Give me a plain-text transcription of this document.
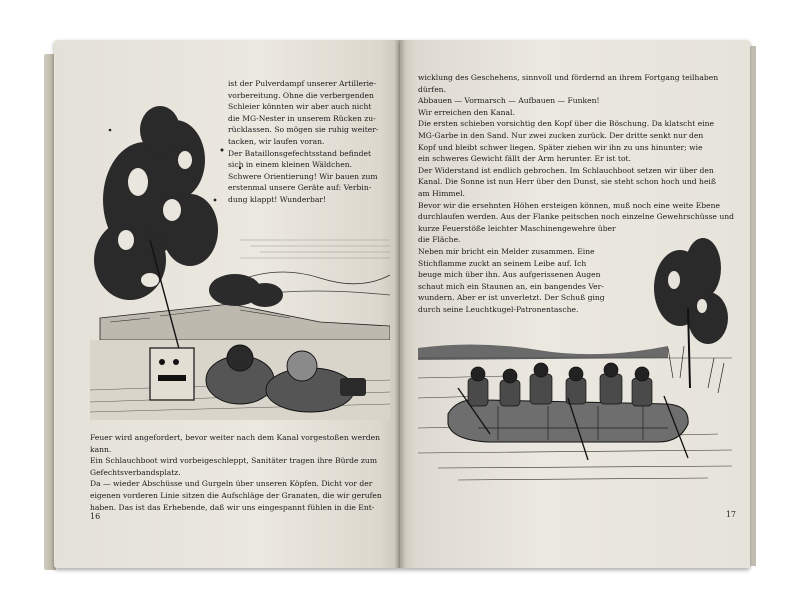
ist der Pulverdampf unserer Artillerie-
vorbereitung. Ohne die verbergenden
Schleier könnten wir aber auch nicht
die MG-Nester in unserem Rücken zu-
rücklassen. So mögen sie ruhig weiter-
tacken, wir laufen voran.
Der Bataillonsgefechtsstand befindet
sich in einem kleinen Wäldchen.
Schwere Orientierung! Wir bauen zum
erstenmal unsere Geräte auf: Verbin-
dung klappt! Wunderbar!
Feuer wird angefordert, bevor weiter nach dem Kanal vorgestoßen werden
kann.
Ein Schlauchboot wird vorbeigeschleppt, Sanitäter tragen ihre Bürde zum
Gefechtsverbandsplatz.
Da — wieder Abschüsse und Gurgeln über unseren Köpfen. Dicht vor der
eigenen vorderen Linie sitzen die Aufschläge der Granaten, die wir gerufen
haben. Das ist das Erhebende, daß wir uns eingespannt fühlen in die Ent-
16
wicklung des Geschehens, sinnvoll und fördernd an ihrem Fortgang teilhaben
dürfen.
Abbauen — Vormarsch — Aufbauen — Funken!
Wir erreichen den Kanal.
Die ersten schieben vorsichtig den Kopf über die Böschung. Da klatscht eine
MG-Garbe in den Sand. Nur zwei zucken zurück. Der dritte senkt nur den
Kopf und bleibt schwer liegen. Später ziehen wir ihn zu uns hinunter; wie
ein schweres Gewicht fällt der Arm herunter. Er ist tot.
Der Widerstand ist endlich gebrochen. Im Schlauchboot setzen wir über den
Kanal. Die Sonne ist nun Herr über den Dunst, sie steht schon hoch und heiß
am Himmel.
Bevor wir die ersehnten Höhen ersteigen können, muß noch eine weite Ebene
durchlaufen werden. Aus der Flanke peitschen noch einzelne Gewehrschüsse und
kurze Feuerstöße leichter Maschinengewehre über
die Fläche.
Neben mir bricht ein Melder zusammen. Eine
Stichflamme zuckt an seinem Leibe auf. Ich
beuge mich über ihn. Aus aufgerissenen Augen
schaut mich ein Staunen an, ein bangendes Ver-
wundern. Aber er ist unverletzt. Der Schuß ging
durch seine Leuchtkugel-Patronentasche.
17
